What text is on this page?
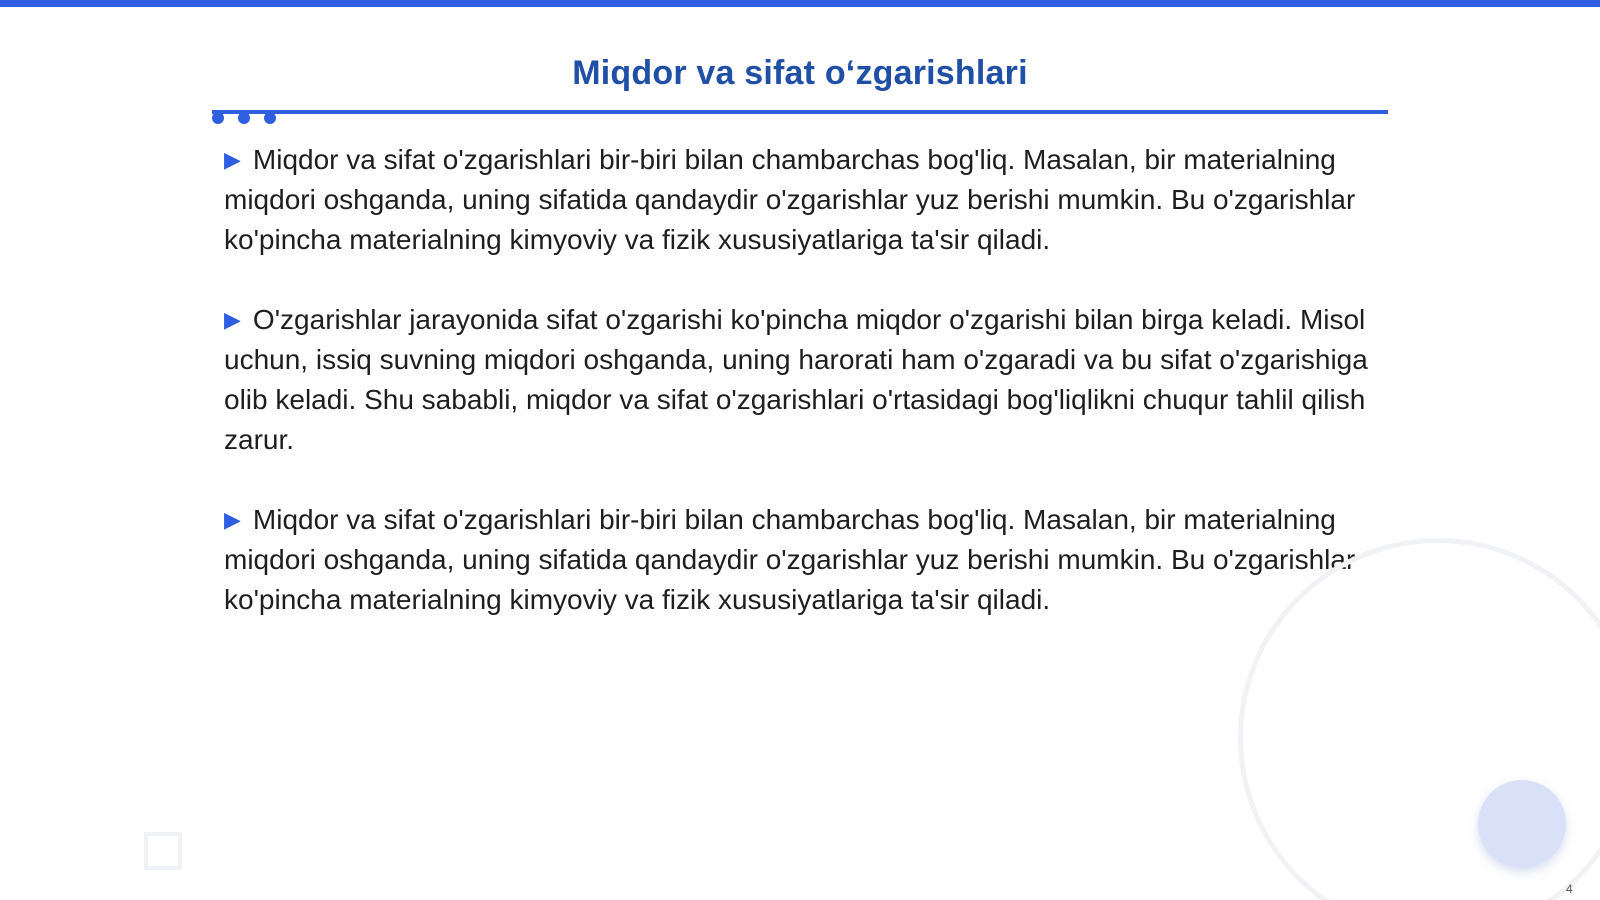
Miqdor va sifat o‘zgarishlari

▶ Miqdor va sifat o'zgarishlari bir-biri bilan chambarchas bog'liq. Masalan, bir materialning miqdori oshganda, uning sifatida qandaydir o'zgarishlar yuz berishi mumkin. Bu o'zgarishlar ko'pincha materialning kimyoviy va fizik xususiyatlariga ta'sir qiladi.

▶ O'zgarishlar jarayonida sifat o'zgarishi ko'pincha miqdor o'zgarishi bilan birga keladi. Misol uchun, issiq suvning miqdori oshganda, uning harorati ham o'zgaradi va bu sifat o'zgarishiga olib keladi. Shu sababli, miqdor va sifat o'zgarishlari o'rtasidagi bog'liqlikni chuqur tahlil qilish zarur.

▶ Miqdor va sifat o'zgarishlari bir-biri bilan chambarchas bog'liq. Masalan, bir materialning miqdori oshganda, uning sifatida qandaydir o'zgarishlar yuz berishi mumkin. Bu o'zgarishlar ko'pincha materialning kimyoviy va fizik xususiyatlariga ta'sir qiladi.

4
